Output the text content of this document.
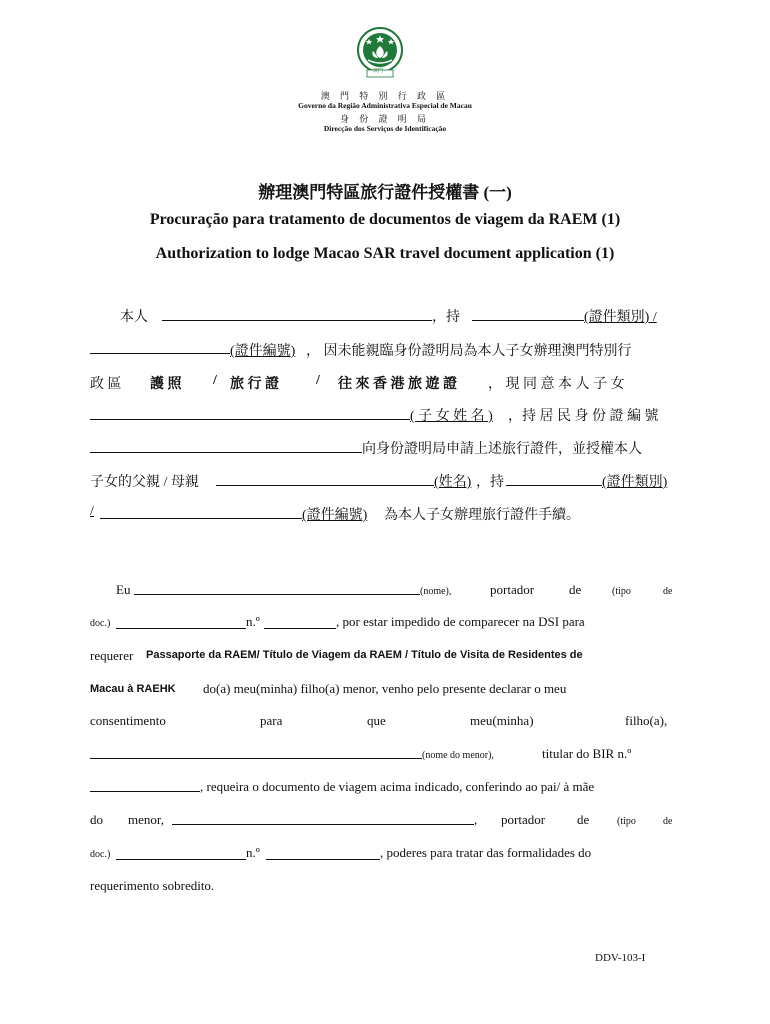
澳門
澳 門 特 別 行 政 區
Governo da Região Administrativa Especial de Macau
身 份 證 明 局
Direcção dos Serviços de Identificação
辦理澳門特區旅行證件授權書 (一)
Procuração para tratamento de documentos de viagem da RAEM (1)
Authorization to lodge Macao SAR travel document application (1)
本人	，持	(證件類別) /
(證件編號) ， 因未能親臨身份證明局為本人子女辦理澳門特別行
政 區 護 照 / 旅 行 證	/ 往 來 香 港 旅 遊 證 ， 現 同 意 本 人 子 女
( 子 女 姓 名 ) ，持 居 民 身 份 證 編 號
向身份證明局申請上述旅行證件，並授權本人
子女的父親 / 母親	(姓名) ，持	(證件類別)
/	(證件編號) 為本人子女辦理旅行證件手續。
Eu	(nome),	portador	de	(tipo	de
doc.)	n.º	, por estar impedido de comparecer na DSI para
requerer Passaporte da RAEM/ Título de Viagem da RAEM / Título de Visita de Residentes de
Macau à RAEHK do(a) meu(minha) filho(a) menor, venho pelo presente declarar o meu
consentimento	para	que	meu(minha)	filho(a),
(nome do menor),	titular do BIR n.º
, requeira o documento de viagem acima indicado, conferindo ao pai/ à mãe
do menor,	, portador de	(tipo	de
doc.)	n.º	, poderes para tratar das formalidades do
requerimento sobredito.
DDV-103-I
